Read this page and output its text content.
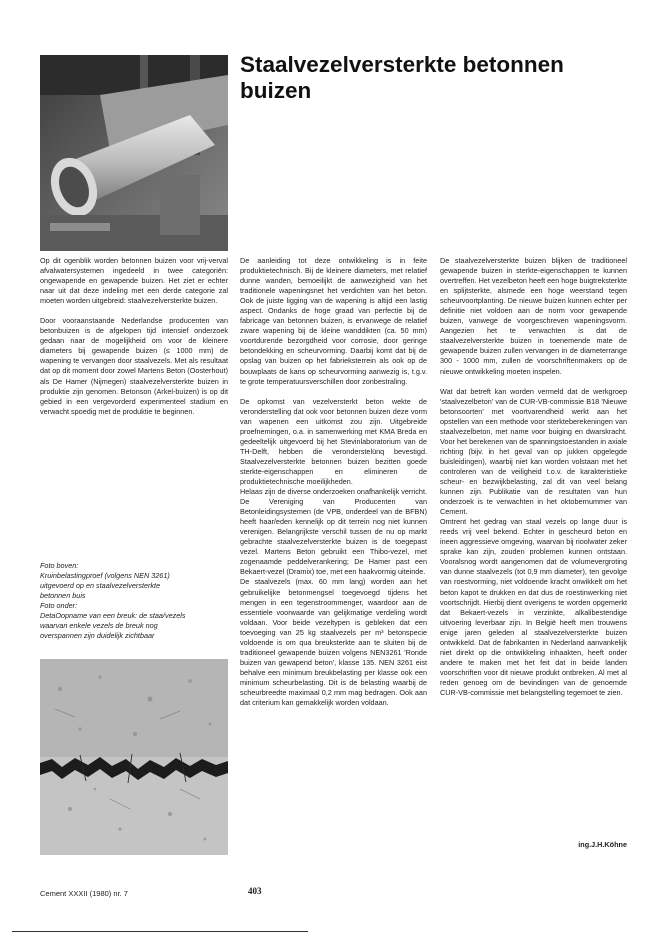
Staalvezelversterkte betonnen buizen

Op dit ogenblik worden betonnen buizen voor vrij-verval afvalwatersystemen ingedeeld in twee categoriën: ongewapende en gewapende buizen. Het ziet er echter naar uit dat deze indeling met een derde categorie zal moeten worden uitgebreid: staalvezelversterkte buizen.

Door vooraanstaande Nederlandse producenten van betonbuizen is de afgelopen tijd intensief onderzoek gedaan naar de mogelijkheid om voor de kleinere diameters bij gewapende buizen (≤ 1000 mm) de wapening te vervangen door staalvezels. Met als resultaat dat op dit moment door zowel Martens Beton (Oosterhout) als De Hamer (Nijmegen) staalvezelversterkte buizen in produktie zijn genomen. Betonson (Arkel-buizen) is op dit gebied in een vergevorderd experimenteel stadium en verwacht spoedig met de produktie te beginnen.

Foto boven:
Kruinbelastingproef (volgens NEN 3261)
uitgevoerd op en staalvezelversterkte
betonnen buis
Foto onder:
DetaOopname van een breuk: de staa/vezels
waarvan enkele vezels de breuk nog
overspannen zijn duidelijk zichtbaar

De aanleiding tot deze ontwikkeling is in feite produktietechnisch. Bij de kleinere diameters, met relatief dunne wanden, bemoeilijkt de aanwezigheid van het traditionele wapeningsnet het verdichten van het beton. Ook de juiste ligging van de wapening is altijd een lastig aspect. Ondanks de hoge graad van perfectie bij de fabricage van betonnen buizen, is ervanwege de relatief zware wapening bij de kleine wanddikten (ca. 50 mm) voortdurende bezorgdheid voor corrosie, door geringe betondekking en scheurvorming. Daarbij komt dat bij de opslag van buizen op het fabrieksterrein als ook op de bouwplaats de kans op scheurvorming aanwezig is, t.g.v. te grote temperatuursverschillen door zonbestraling.

De opkomst van vezelversterkt beton wekte de veronderstelling dat ook voor betonnen buizen deze vorm van wapenen een uitkomst zou zijn. Uitgebreide proefnemingen, o.a. in samenwerking met KMA Breda en gedeeltelijk uitgevoerd bij het Stevinlaboratorium van de TH-Delft, hebben die veronderstelünq bevestigd. Staalvezelversterkte betonnen buizen bezitten goede sterkte-eigenschappen en elimineren de produktietechnische moeilijkheden.

Helaas zijn de diverse onderzoeken onafhankelijk verricht. De Vereniging van Producenten van Betonleidingsystemen (de VPB, onderdeel van de BFBN) heeft haar/eden kennelijk op dit terrein nog niet kunnen verenigen. Belangrijkste verschil tussen de nu op markt gebrachte staalvezelversterkte buizen is de toegepast vezel. Martens Beton gebruikt een Thibo-vezel, met zogenaamde peddelverankering; De Hamer past een Bekaert-vezel (Dramix) toe, met een haakvormig uiteinde.

De staalvezels (max. 60 mm lang) worden aan het gebruikelijke betonmengsel toegevoegd tijdens het mengen in een tegenstroommenger, waardoor aan de essentiele voorwaarde van gelijkmatige verdeling wordt voldaan. Voor beide vezeltypen is gebleken dat een toevoeging van 25 kg staalvezels per m³ betonspecie voldoende is om qua breuksterkte aan te sluiten bij de traditioneel gewapende buizen volgens NEN3261 'Ronde buizen van gewapend beton', klasse 135. NEN 3261 eist behalve een minimum breukbelasting per klasse ook een minimum scheurbelasting. Dit is de belasting waarbij de scheurbreedte maximaal 0,2 mm mag bedragen. Ook aan dat criterium kan gemakkelijk worden voldaan.

De staalvezelversterkte buizen blijken de traditioneel gewapende buizen in sterkte-eigenschappen te kunnen overtreffen. Het vezelbeton heeft een hoge buigtreksterkte en splijtsterkte, alsmede een hoge weerstand tegen scheurvoortplanting. De nieuwe buizen kunnen echter per definitie niet voldoen aan de norm voor gewapende buizen, vanwege de voorgeschreven wapeningsvorm. Aangezien het te verwachten is dat de staalvezelversterkte buizen in toenemende mate de gewapende buizen zullen vervangen in de diameterrange 300 - 1000 mm, zullen de voorschriftenmakers op de nieuwe ontwikkeling moeten inspelen.

Wat dat betreft kan worden vermeld dat de werkgroep 'staalvezelbeton' van de CUR-VB-commissie B18 'Nieuwe betonsoorten' met voortvarendheid werkt aan het opstellen van een methode voor sterkteberekeningen van staalvezelbeton, met name voor buiging en dwarskracht. Voor het berekenen van de spanningstoestanden in axiale richting (bijv. in het geval van op jukken opgelegde buisleidingen), waarbij niet kan worden volstaan met het controleren van de veiligheid t.o.v. de karakteristieke scheur- en bezwijkbelasting, zal dit van veel belang kunnen zijn. Publikatie van de resultaten van hun onderzoek is te verwachten in het oktobernummer van Cement.

Omtrent het gedrag van staal vezels op lange duur is reeds vrij veel bekend. Echter in gescheurd beton en ineen aggressieve omgeving, waarvan bij rioolwater zeker sprake kan zijn, zouden problemen kunnen ontstaan. Vooralsnog wordt aangenomen dat de volumevergroting van dunne staalvezels (tot 0,9 mm diameter), ten gevolge van roestvorming, niet voldoende kracht onwikkelt om het beton kapot te drukken en dat dus de roestinwerking niet voortschrijdt. Hierbij dient overigens te worden opgemerkt dat Bekaert-vezels in verzinkte, alkalibestendige uitvoering leverbaar zijn. In België heeft men trouwens enige jaren geleden al staalvezelversterkte buizen ontwikkeld. Dat de fabrikanten in Nederland aanvankelijk niet direkt op die ontwikkeling inhaakten, heeft onder andere te maken met het feit dat in beide landen voorschriften voor dit nieuwe produkt ontbreken. Al met al reden genoeg om de bevindingen van de genoemde CUR-VB-commissie met belangstelling tegemoet te zien.

ing.J.H.Köhne
Cement XXXII (1980) nr. 7	403
